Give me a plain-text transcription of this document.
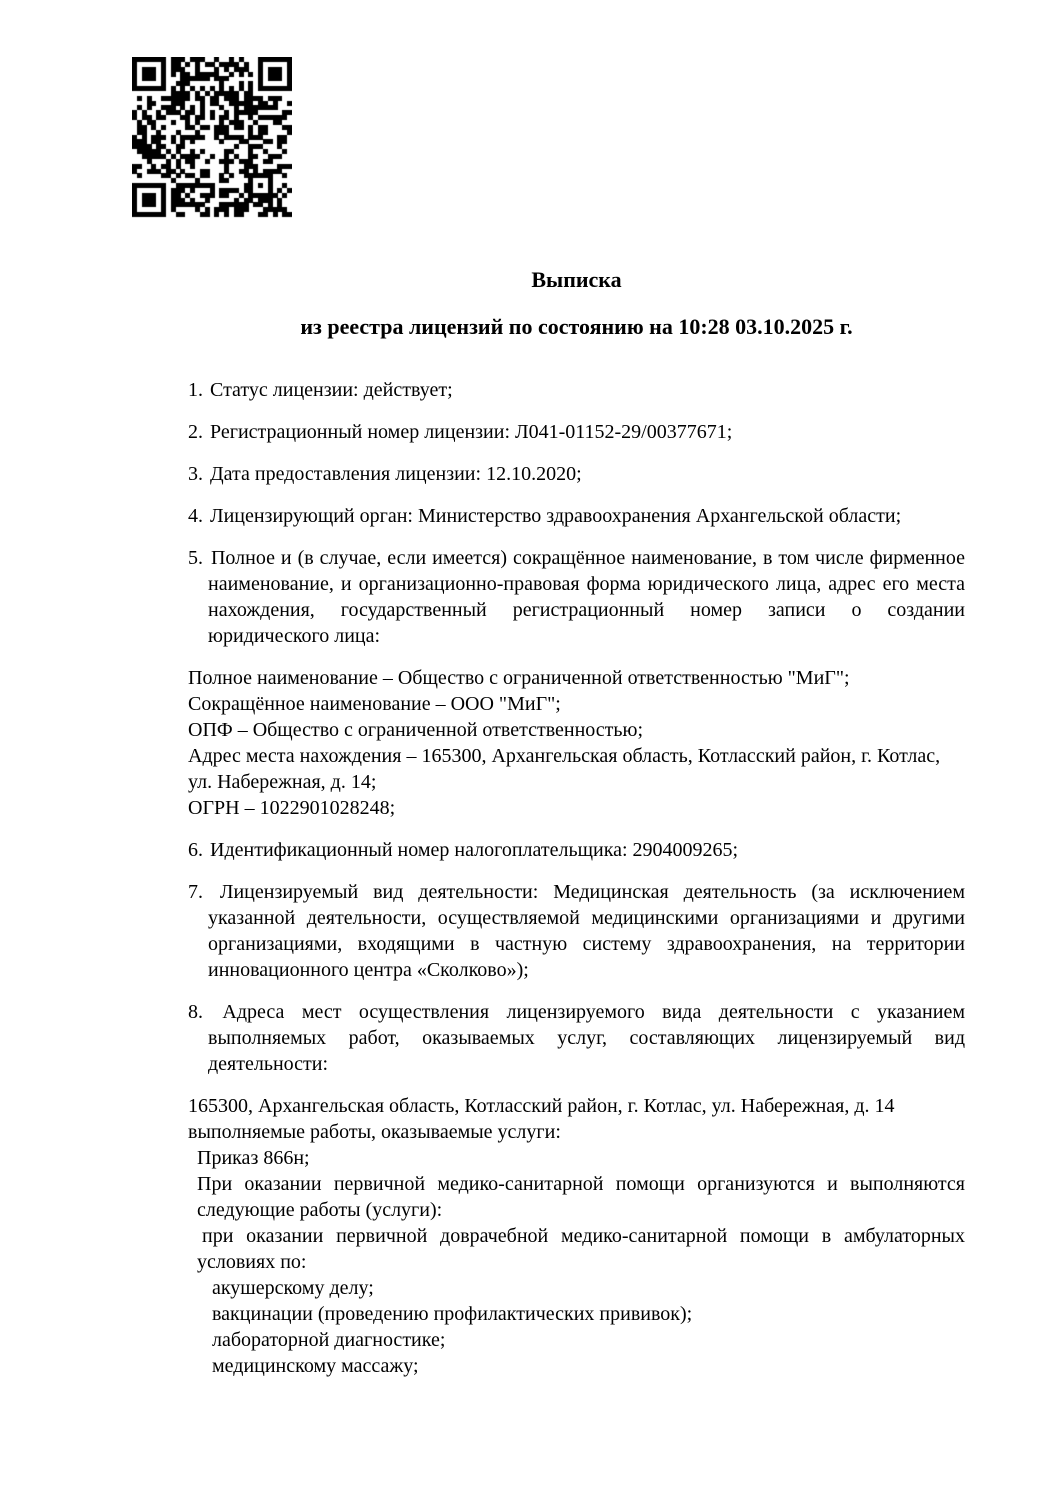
Выписка
из реестра лицензий по состоянию на 10:28 03.10.2025 г.
1. Статус лицензии: действует;
2. Регистрационный номер лицензии: Л041-01152-29/00377671;
3. Дата предоставления лицензии: 12.10.2020;
4. Лицензирующий орган: Министерство здравоохранения Архангельской области;
5. Полное и (в случае, если имеется) сокращённое наименование, в том числе фирменное наименование, и организационно-правовая форма юридического лица, адрес его места нахождения, государственный регистрационный номер записи о создании юридического лица:
Полное наименование – Общество с ограниченной ответственностью "МиГ";
Сокращённое наименование – ООО "МиГ";
ОПФ – Общество с ограниченной ответственностью;
Адрес места нахождения – 165300, Архангельская область, Котласский район, г. Котлас, ул. Набережная, д. 14;
ОГРН – 1022901028248;
6. Идентификационный номер налогоплательщика: 2904009265;
7. Лицензируемый вид деятельности: Медицинская деятельность (за исключением указанной деятельности, осуществляемой медицинскими организациями и другими организациями, входящими в частную систему здравоохранения, на территории инновационного центра «Сколково»);
8. Адреса мест осуществления лицензируемого вида деятельности с указанием выполняемых работ, оказываемых услуг, составляющих лицензируемый вид деятельности:
165300, Архангельская область, Котласский район, г. Котлас, ул. Набережная, д. 14
выполняемые работы, оказываемые услуги:
Приказ 866н;
При оказании первичной медико-санитарной помощи организуются и выполняются следующие работы (услуги):
при оказании первичной доврачебной медико-санитарной помощи в амбулаторных условиях по:
акушерскому делу;
вакцинации (проведению профилактических прививок);
лабораторной диагностике;
медицинскому массажу;
